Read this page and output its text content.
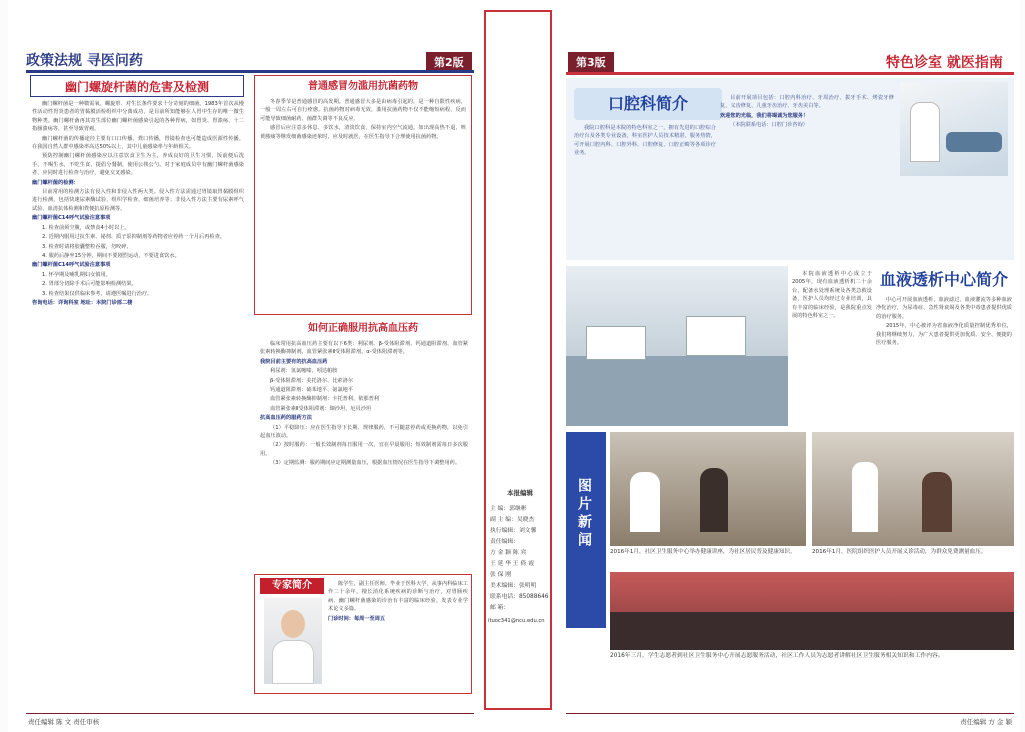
政策法规 寻医问药	第2版
幽门螺旋杆菌的危害及检测

幽门螺杆菌是一种微需氧、螺旋形、对生长条件要求十分苛刻的细菌。1983年首次从慢性活动性胃炎患者的胃黏膜活检组织中分离成功，是目前所知能够在人胃中生存的唯一微生物种类。幽门螺杆菌再其寄生部位幽门螺杆菌感染引起的各种胃病，如胃炎、胃溃疡、十二指肠溃疡等，甚至导致胃癌。

幽门螺杆菌的传播途径主要有口口传播、粪口传播，胃镜检查也可能造成医源性传播。在我国自然人群中感染率高达50%以上，其中儿童感染率与年龄相关。

预防控制幽门螺杆菌感染应以注意饮食卫生为主，养成良好的卫生习惯，饭前便后洗手，不喝生水，不吃生食，提倡分餐制，使用公筷公勺。对于家庭成员中有幽门螺杆菌感染者，应同时进行检查与治疗，避免交叉感染。

幽门螺杆菌的检测：

目前常用的检测方法有侵入性和非侵入性两大类。侵入性方法需通过胃镜取胃黏膜组织进行检测，包括快速尿素酶试验、组织学检查、细菌培养等；非侵入性方法主要有尿素呼气试验、血清抗体检测和粪便抗原检测等。

幽门螺杆菌C14呼气试验注意事项

1. 检查前须空腹，或禁食4小时以上。

2. 近期内服用过抗生素、铋剂、质子泵抑制剂等药物者应停药一个月后再检查。

3. 检查时请将胶囊整粒吞服，勿咬碎。

4. 服药后静坐15分钟，期间不要剧烈运动，不要进食饮水。

幽门螺杆菌C14呼气试验注意事项

1. 怀孕期及哺乳期妇女慎用。

2. 胃部分切除手术后可能影响检测结果。

3. 检查结果仅供临床参考，请遵医嘱进行治疗。

咨询电话：详询科室 地址：本院门诊部二楼

普通感冒勿滥用抗菌药物

冬春季节是普通感冒的高发期。普通感冒大多是由病毒引起的，是一种自限性疾病，一般一周左右可自行痊愈。抗菌药物对病毒无效，滥用抗菌药物不仅不能缩短病程，反而可能导致细菌耐药、菌群失调等不良反应。

感冒后应注意多休息、多饮水，清淡饮食，保持室内空气流通。如出现高热不退、咳黄脓痰等继发细菌感染迹象时，应及时就医，在医生指导下合理使用抗菌药物。

如何正确服用抗高血压药

临床常用抗高血压药主要有以下6类：利尿剂、β-受体阻滞剂、钙通道阻滞剂、血管紧张素转换酶抑制剂、血管紧张素Ⅱ受体阻滞剂、α-受体阻滞剂等。

我院目前主要有的抗高血压药

利尿剂：氢氯噻嗪、吲达帕胺

β-受体阻滞剂：美托洛尔、比索洛尔

钙通道阻滞剂：硝苯地平、氨氯地平

血管紧张素转换酶抑制剂：卡托普利、依那普利

血管紧张素Ⅱ受体阻滞剂：缬沙坦、厄贝沙坦

抗高血压药的服药方法

（1）平稳降压：应在医生指导下长期、规律服药，不可随意停药或更换药物，以免引起血压波动。

（2）按时服药：一般长效制剂每日服用一次，宜在早晨服用；短效制剂需每日多次服用。

（3）定期监测：服药期间应定期测量血压，根据血压情况在医生指导下调整用药。

专家简介	陈学生，副主任医师。毕业于医科大学，从事内科临床工作二十余年，擅长消化系统疾病的诊断与治疗，对胃肠疾病、幽门螺杆菌感染的诊治有丰富的临床经验。发表专业学术论文多篇。

门诊时间：每周一至周五

责任编辑 陈 文 责任审核
本报编辑
主 编：郭继彬
副 主 编：吴晓杰
执行编辑：刘文馨
责任编辑：
方 金 颖 陈 宾
王 延 华 王 倚 霞
张 保 刚
美术编辑：张明明
联系电话：85088646
邮 箱：
ituoc341@ncu.edu.cn
第3版	特色诊室 就医指南
口腔科简介

我院口腔科是本院的特色科室之一，拥有先进的口腔综合治疗台及各类专业设备，科室医护人员技术精湛，服务热情，可开展口腔内科、口腔外科、口腔修复、口腔正畸等各项诊疗业务。

目前开展项目包括：口腔内科治疗、牙周治疗、拔牙手术、烤瓷牙修复、义齿修复、儿童牙齿治疗、牙齿美白等。

欢迎您的光临，我们将竭诚为您服务！

（本院联系电话：口腔门诊咨询）

本院血液透析中心成立于2005年，现有血液透析机二十余台，配备水处理系统及各类急救设备，医护人员均经过专业培训，具有丰富的临床经验，是我院重点发展的特色科室之一。

血液透析中心简介

中心可开展血液透析、血液滤过、血液灌流等多种血液净化治疗，为尿毒症、急性肾衰竭及各类中毒患者提供优质的治疗服务。

2015年，中心被评为省血液净化质量控制优秀单位，我们将继续努力，为广大患者提供更加优质、安全、便捷的医疗服务。

图片新闻

2016年1月，社区卫生服务中心举办健康讲座，为社区居民普及健康知识。	2016年1月，医院组织医护人员开展义诊活动，为群众免费测量血压。

2016年三月，学生志愿者到社区卫生服务中心开展志愿服务活动，社区工作人员为志愿者讲解社区卫生服务相关知识和工作内容。

责任编辑 方 金 颖
